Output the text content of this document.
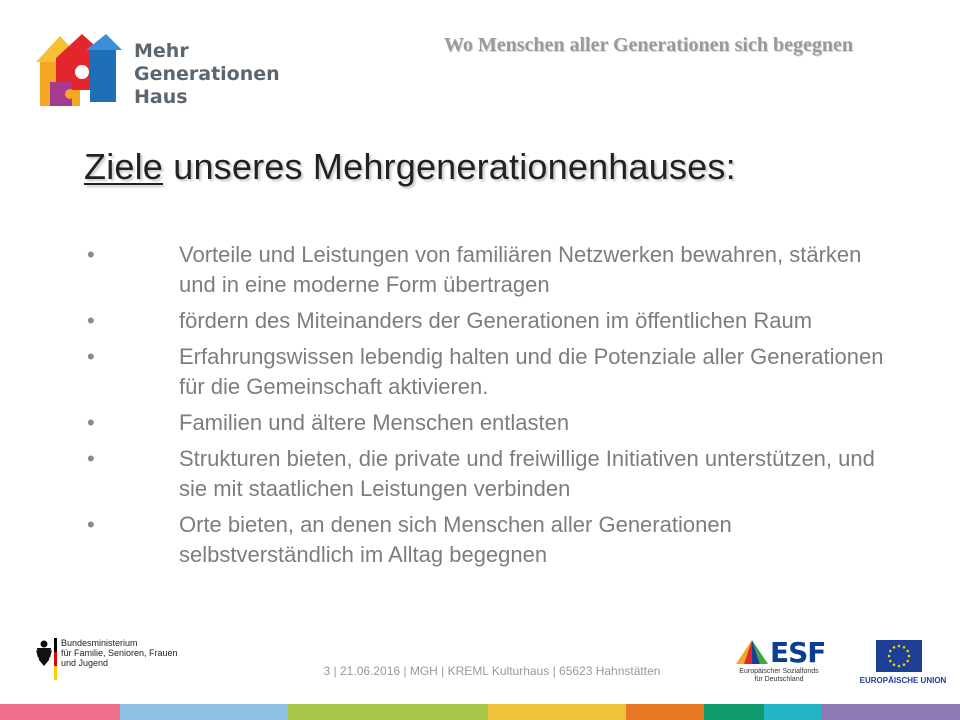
Mehr
Generationen
Haus
Wo Menschen aller Generationen sich begegnen
Ziele unseres Mehrgenerationenhauses:
•	Vorteile und Leistungen von familiären Netzwerken bewahren, stärken und in eine moderne Form übertragen
•	fördern des Miteinanders der Generationen im öffentlichen Raum
•	Erfahrungswissen lebendig halten und die Potenziale aller Generationen für die Gemeinschaft aktivieren.
•	Familien und ältere Menschen entlasten
•	Strukturen bieten, die private und freiwillige Initiativen unterstützen, und sie mit staatlichen Leistungen verbinden
•	Orte bieten, an denen sich Menschen aller Generationen selbstverständlich im Alltag begegnen
Bundesministerium
für Familie, Senioren, Frauen
und Jugend
3 | 21.06.2016 | MGH | KREML Kulturhaus | 65623 Hahnstätten
ESF
Europäischer Sozialfonds
für Deutschland	EUROPÄISCHE UNION
